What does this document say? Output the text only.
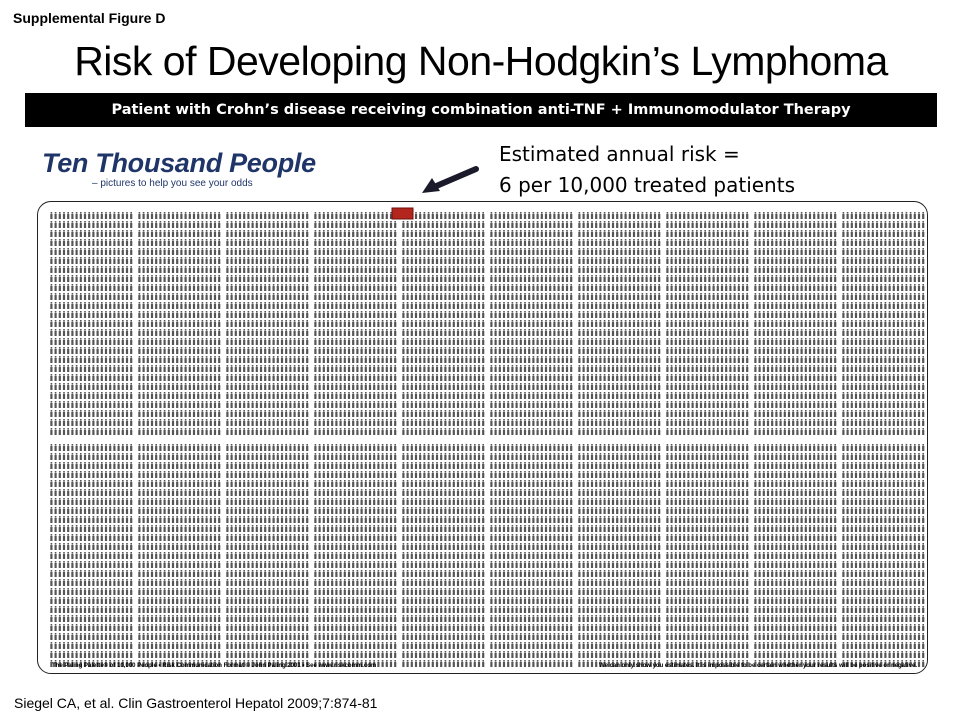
Supplemental Figure D
Risk of Developing Non-Hodgkin’s Lymphoma
Patient with Crohn’s disease receiving combination anti-TNF + Immunomodulator Therapy
Ten Thousand People
– pictures to help you see your odds
Estimated annual risk =
6 per 10,000 treated patients
The Paling Palette® of 10,000 People • Risk Communication Format © John Paling 2001 • See www.riskcomm.com	We can only show you estimates. It is impossible to be certain whether your results will be positive or negative.
Siegel CA, et al. Clin Gastroenterol Hepatol 2009;7:874-81
